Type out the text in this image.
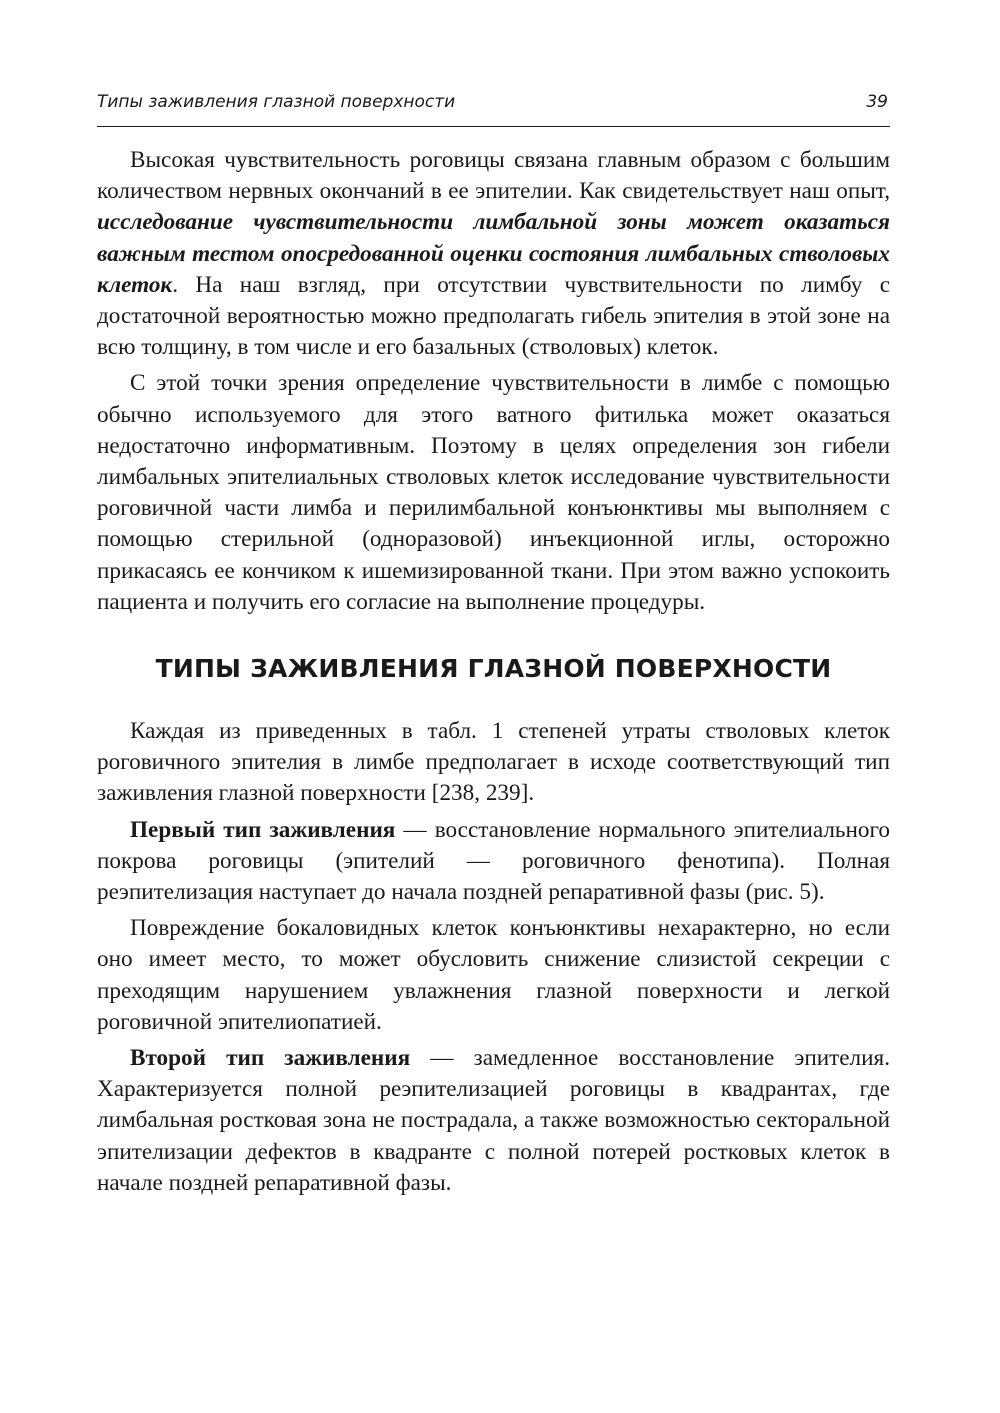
Типы заживления глазной поверхности	39

Высокая чувствительность роговицы связана главным образом с большим количеством нервных окончаний в ее эпителии. Как свидетельствует наш опыт, исследование чувствительности лимбальной зоны может оказаться важным тестом опосредованной оценки состояния лимбальных стволовых клеток. На наш взгляд, при отсутствии чувствительности по лимбу с достаточной вероятностью можно предполагать гибель эпителия в этой зоне на всю толщину, в том числе и его базальных (стволовых) клеток.

С этой точки зрения определение чувствительности в лимбе с помощью обычно используемого для этого ватного фитилька может оказаться недостаточно информативным. Поэтому в целях определения зон гибели лимбальных эпителиальных стволовых клеток исследование чувствительности роговичной части лимба и перилимбальной конъюнктивы мы выполняем с помощью стерильной (одноразовой) инъекционной иглы, осторожно прикасаясь ее кончиком к ишемизированной ткани. При этом важно успокоить пациента и получить его согласие на выполнение процедуры.

ТИПЫ ЗАЖИВЛЕНИЯ ГЛАЗНОЙ ПОВЕРХНОСТИ

Каждая из приведенных в табл. 1 степеней утраты стволовых клеток роговичного эпителия в лимбе предполагает в исходе соответствующий тип заживления глазной поверхности [238, 239].

Первый тип заживления — восстановление нормального эпителиального покрова роговицы (эпителий — роговичного фенотипа). Полная реэпителизация наступает до начала поздней репаративной фазы (рис. 5).

Повреждение бокаловидных клеток конъюнктивы нехарактерно, но если оно имеет место, то может обусловить снижение слизистой секреции с преходящим нарушением увлажнения глазной поверхности и легкой роговичной эпителиопатией.

Второй тип заживления — замедленное восстановление эпителия. Характеризуется полной реэпителизацией роговицы в квадрантах, где лимбальная ростковая зона не пострадала, а также возможностью секторальной эпителизации дефектов в квадранте с полной потерей ростковых клеток в начале поздней репаративной фазы.
